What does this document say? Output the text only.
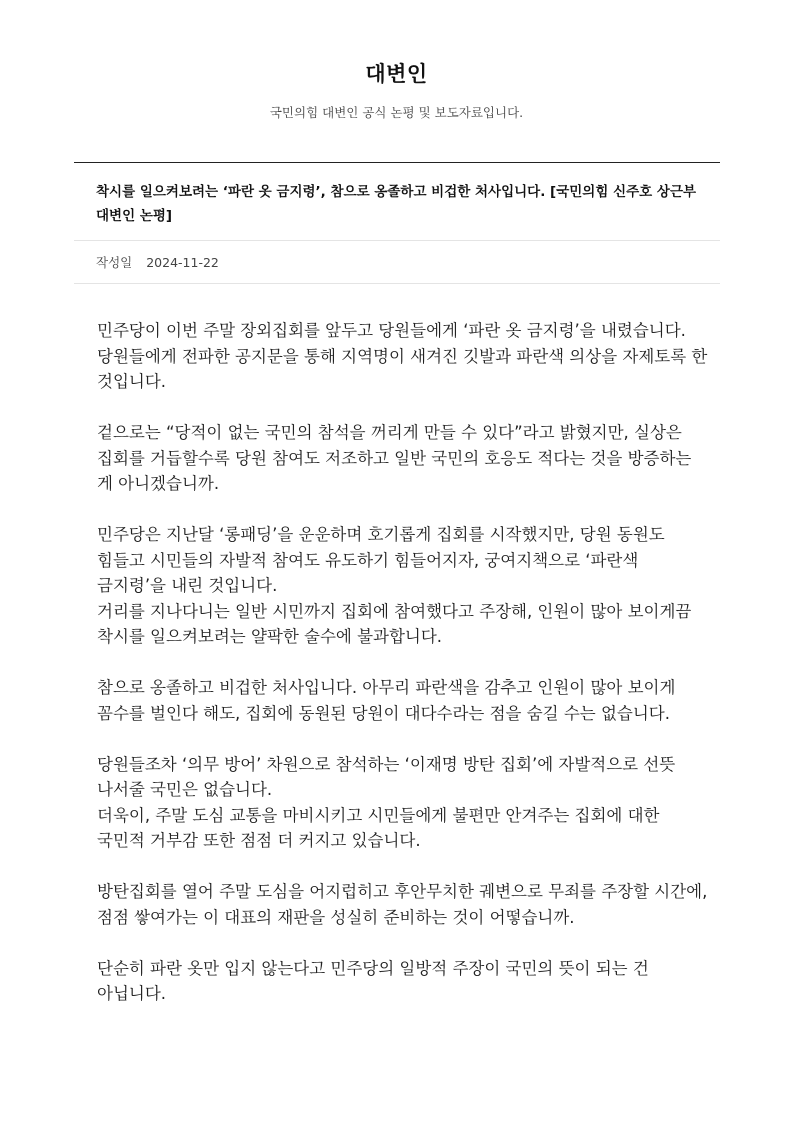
대변인

국민의힘 대변인 공식 논평 및 보도자료입니다.

착시를 일으켜보려는 ‘파란 옷 금지령’, 참으로 옹졸하고 비겁한 처사입니다. [국민의힘 신주호 상근부대변인 논평]
작성일 2024-11-22

민주당이 이번 주말 장외집회를 앞두고 당원들에게 ‘파란 옷 금지령’을 내렸습니다.
당원들에게 전파한 공지문을 통해 지역명이 새겨진 깃발과 파란색 의상을 자제토록 한 것입니다.

겉으로는 “당적이 없는 국민의 참석을 꺼리게 만들 수 있다”라고 밝혔지만, 실상은 집회를 거듭할수록 당원 참여도 저조하고 일반 국민의 호응도 적다는 것을 방증하는 게 아니겠습니까.

민주당은 지난달 ‘롱패딩’을 운운하며 호기롭게 집회를 시작했지만, 당원 동원도 힘들고 시민들의 자발적 참여도 유도하기 힘들어지자, 궁여지책으로 ‘파란색 금지령’을 내린 것입니다.
거리를 지나다니는 일반 시민까지 집회에 참여했다고 주장해, 인원이 많아 보이게끔 착시를 일으켜보려는 얄팍한 술수에 불과합니다.

참으로 옹졸하고 비겁한 처사입니다. 아무리 파란색을 감추고 인원이 많아 보이게 꼼수를 벌인다 해도, 집회에 동원된 당원이 대다수라는 점을 숨길 수는 없습니다.

당원들조차 ‘의무 방어’ 차원으로 참석하는 ‘이재명 방탄 집회’에 자발적으로 선뜻 나서줄 국민은 없습니다.
더욱이, 주말 도심 교통을 마비시키고 시민들에게 불편만 안겨주는 집회에 대한 국민적 거부감 또한 점점 더 커지고 있습니다.

방탄집회를 열어 주말 도심을 어지럽히고 후안무치한 궤변으로 무죄를 주장할 시간에, 점점 쌓여가는 이 대표의 재판을 성실히 준비하는 것이 어떻습니까.

단순히 파란 옷만 입지 않는다고 민주당의 일방적 주장이 국민의 뜻이 되는 건 아닙니다.
